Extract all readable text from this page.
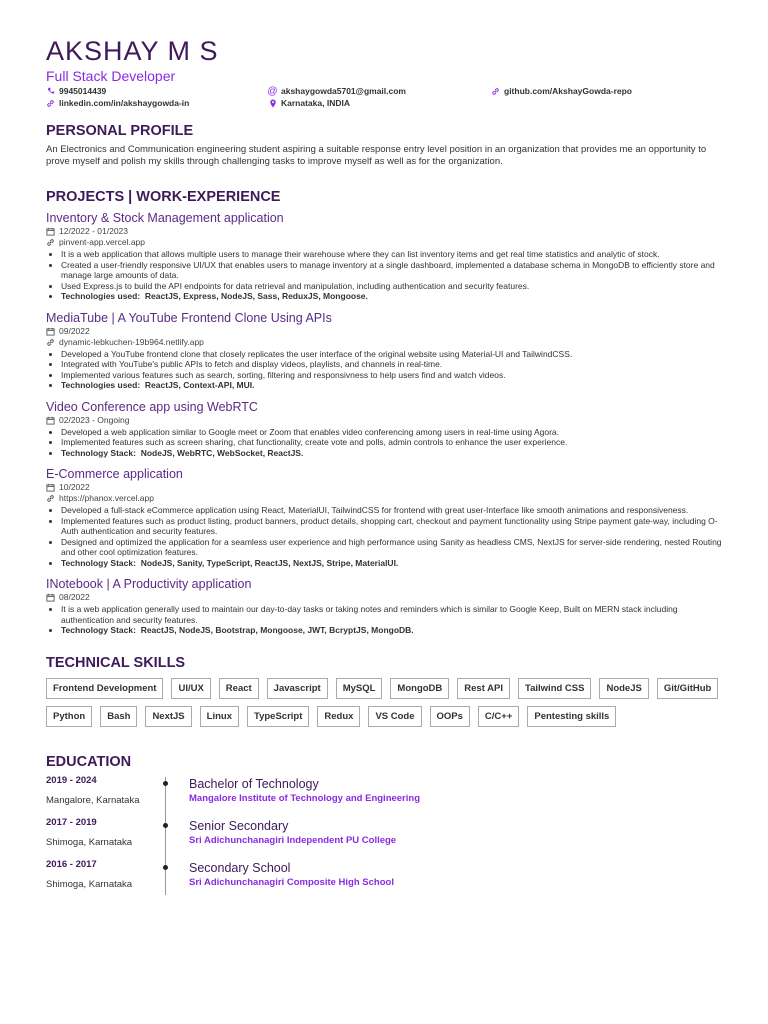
AKSHAY M S
Full Stack Developer
9945014439	@ akshaygowda5701@gmail.com	github.com/AkshayGowda-repo
linkedin.com/in/akshaygowda-in	Karnataka, INDIA
PERSONAL PROFILE
An Electronics and Communication engineering student aspiring a suitable response entry level position in an organization that provides me an opportunity to prove myself and polish my skills through challenging tasks to improve myself as well as for the organization.
PROJECTS | WORK-EXPERIENCE
Inventory & Stock Management application
12/2022 - 01/2023
pinvent-app.vercel.app
• It is a web application that allows multiple users to manage their warehouse where they can list inventory items and get real time statistics and analytic of stock.
• Created a user-friendly responsive UI/UX that enables users to manage inventory at a single dashboard, implemented a database schema in MongoDB to efficiently store and manage large amounts of data.
• Used Express.js to build the API endpoints for data retrieval and manipulation, including authentication and security features.
• Technologies used: ReactJS, Express, NodeJS, Sass, ReduxJS, Mongoose.
MediaTube | A YouTube Frontend Clone Using APIs
09/2022
dynamic-lebkuchen-19b964.netlify.app
• Developed a YouTube frontend clone that closely replicates the user interface of the original website using Material-UI and TailwindCSS.
• Integrated with YouTube's public APIs to fetch and display videos, playlists, and channels in real-time.
• Implemented various features such as search, sorting, filtering and responsivness to help users find and watch videos.
• Technologies used: ReactJS, Context-API, MUI.
Video Conference app using WebRTC
02/2023 - Ongoing
• Developed a web application similar to Google meet or Zoom that enables video conferencing among users in real-time using Agora.
• Implemented features such as screen sharing, chat functionality, create vote and polls, admin controls to enhance the user experience.
• Technology Stack: NodeJS, WebRTC, WebSocket, ReactJS.
E-Commerce application
10/2022
https://phanox.vercel.app
• Developed a full-stack eCommerce application using React, MaterialUI, TailwindCSS for frontend with great user-Interface like smooth animations and responsiveness.
• Implemented features such as product listing, product banners, product details, shopping cart, checkout and payment functionality using Stripe payment gate-way, including O-Auth authentication and security features.
• Designed and optimized the application for a seamless user experience and high performance using Sanity as headless CMS, NextJS for server-side rendering, nested Routing and other cool optimization features.
• Technology Stack: NodeJS, Sanity, TypeScript, ReactJS, NextJS, Stripe, MaterialUI.
INotebook | A Productivity application
08/2022
• It is a web application generally used to maintain our day-to-day tasks or taking notes and reminders which is similar to Google Keep, Built on MERN stack including authentication and security features.
• Technology Stack: ReactJS, NodeJS, Bootstrap, Mongoose, JWT, BcryptJS, MongoDB.
TECHNICAL SKILLS
Frontend Development	UI/UX	React	Javascript	MySQL	MongoDB	Rest API	Tailwind CSS	NodeJS	Git/GitHub
Python	Bash	NextJS	Linux	TypeScript	Redux	VS Code	OOPs	C/C++	Pentesting skills
EDUCATION
2019 - 2024
Mangalore, Karnataka
Bachelor of Technology
Mangalore Institute of Technology and Engineering
2017 - 2019
Shimoga, Karnataka
Senior Secondary
Sri Adichunchanagiri Independent PU College
2016 - 2017
Shimoga, Karnataka
Secondary School
Sri Adichunchanagiri Composite High School
